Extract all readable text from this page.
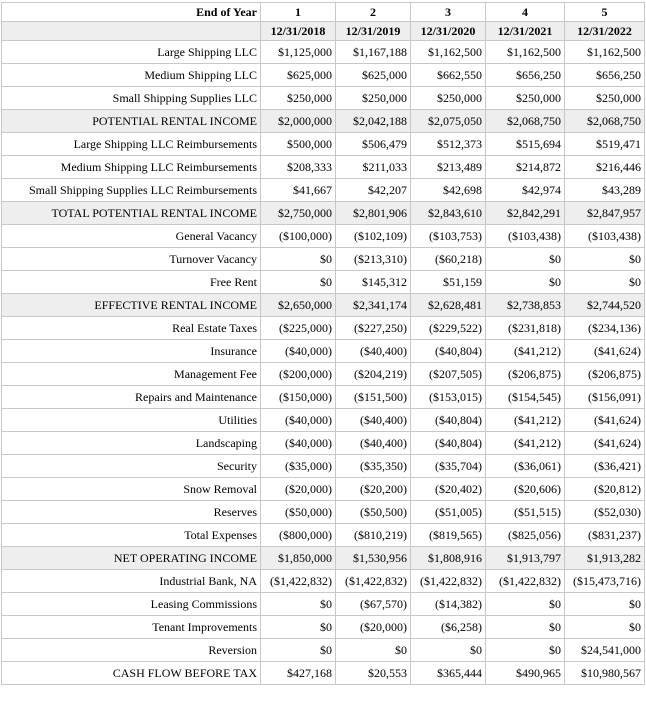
End of Year	1	2	3	4	5
	12/31/2018	12/31/2019	12/31/2020	12/31/2021	12/31/2022
Large Shipping LLC	$1,125,000	$1,167,188	$1,162,500	$1,162,500	$1,162,500
Medium Shipping LLC	$625,000	$625,000	$662,550	$656,250	$656,250
Small Shipping Supplies LLC	$250,000	$250,000	$250,000	$250,000	$250,000
POTENTIAL RENTAL INCOME	$2,000,000	$2,042,188	$2,075,050	$2,068,750	$2,068,750
Large Shipping LLC Reimbursements	$500,000	$506,479	$512,373	$515,694	$519,471
Medium Shipping LLC Reimbursements	$208,333	$211,033	$213,489	$214,872	$216,446
Small Shipping Supplies LLC Reimbursements	$41,667	$42,207	$42,698	$42,974	$43,289
TOTAL POTENTIAL RENTAL INCOME	$2,750,000	$2,801,906	$2,843,610	$2,842,291	$2,847,957
General Vacancy	($100,000)	($102,109)	($103,753)	($103,438)	($103,438)
Turnover Vacancy	$0	($213,310)	($60,218)	$0	$0
Free Rent	$0	$145,312	$51,159	$0	$0
EFFECTIVE RENTAL INCOME	$2,650,000	$2,341,174	$2,628,481	$2,738,853	$2,744,520
Real Estate Taxes	($225,000)	($227,250)	($229,522)	($231,818)	($234,136)
Insurance	($40,000)	($40,400)	($40,804)	($41,212)	($41,624)
Management Fee	($200,000)	($204,219)	($207,505)	($206,875)	($206,875)
Repairs and Maintenance	($150,000)	($151,500)	($153,015)	($154,545)	($156,091)
Utilities	($40,000)	($40,400)	($40,804)	($41,212)	($41,624)
Landscaping	($40,000)	($40,400)	($40,804)	($41,212)	($41,624)
Security	($35,000)	($35,350)	($35,704)	($36,061)	($36,421)
Snow Removal	($20,000)	($20,200)	($20,402)	($20,606)	($20,812)
Reserves	($50,000)	($50,500)	($51,005)	($51,515)	($52,030)
Total Expenses	($800,000)	($810,219)	($819,565)	($825,056)	($831,237)
NET OPERATING INCOME	$1,850,000	$1,530,956	$1,808,916	$1,913,797	$1,913,282
Industrial Bank, NA	($1,422,832)	($1,422,832)	($1,422,832)	($1,422,832)	($15,473,716)
Leasing Commissions	$0	($67,570)	($14,382)	$0	$0
Tenant Improvements	$0	($20,000)	($6,258)	$0	$0
Reversion	$0	$0	$0	$0	$24,541,000
CASH FLOW BEFORE TAX	$427,168	$20,553	$365,444	$490,965	$10,980,567
